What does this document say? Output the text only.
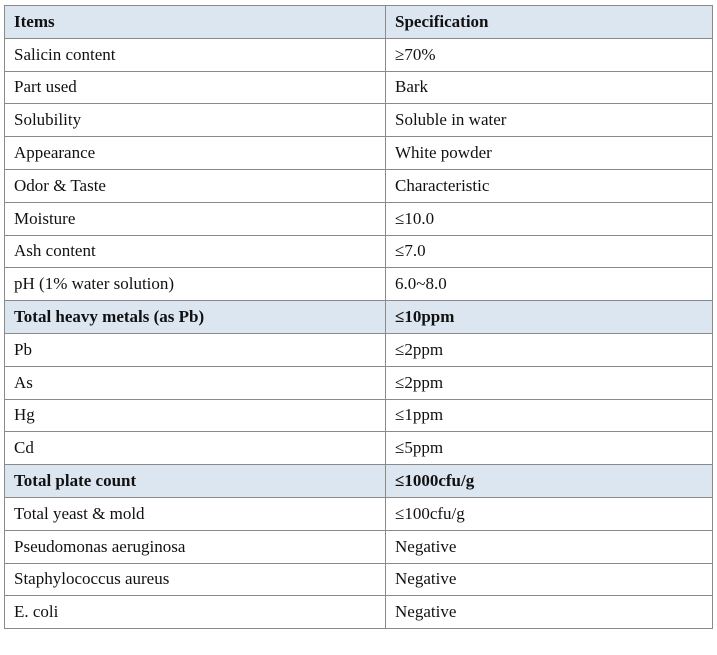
Items	Specification
Salicin content	≥70%
Part used	Bark
Solubility	Soluble in water
Appearance	White powder
Odor & Taste	Characteristic
Moisture	≤10.0
Ash content	≤7.0
pH (1% water solution)	6.0~8.0
Total heavy metals (as Pb)	≤10ppm
Pb	≤2ppm
As	≤2ppm
Hg	≤1ppm
Cd	≤5ppm
Total plate count	≤1000cfu/g
Total yeast & mold	≤100cfu/g
Pseudomonas aeruginosa	Negative
Staphylococcus aureus	Negative
E. coli	Negative
